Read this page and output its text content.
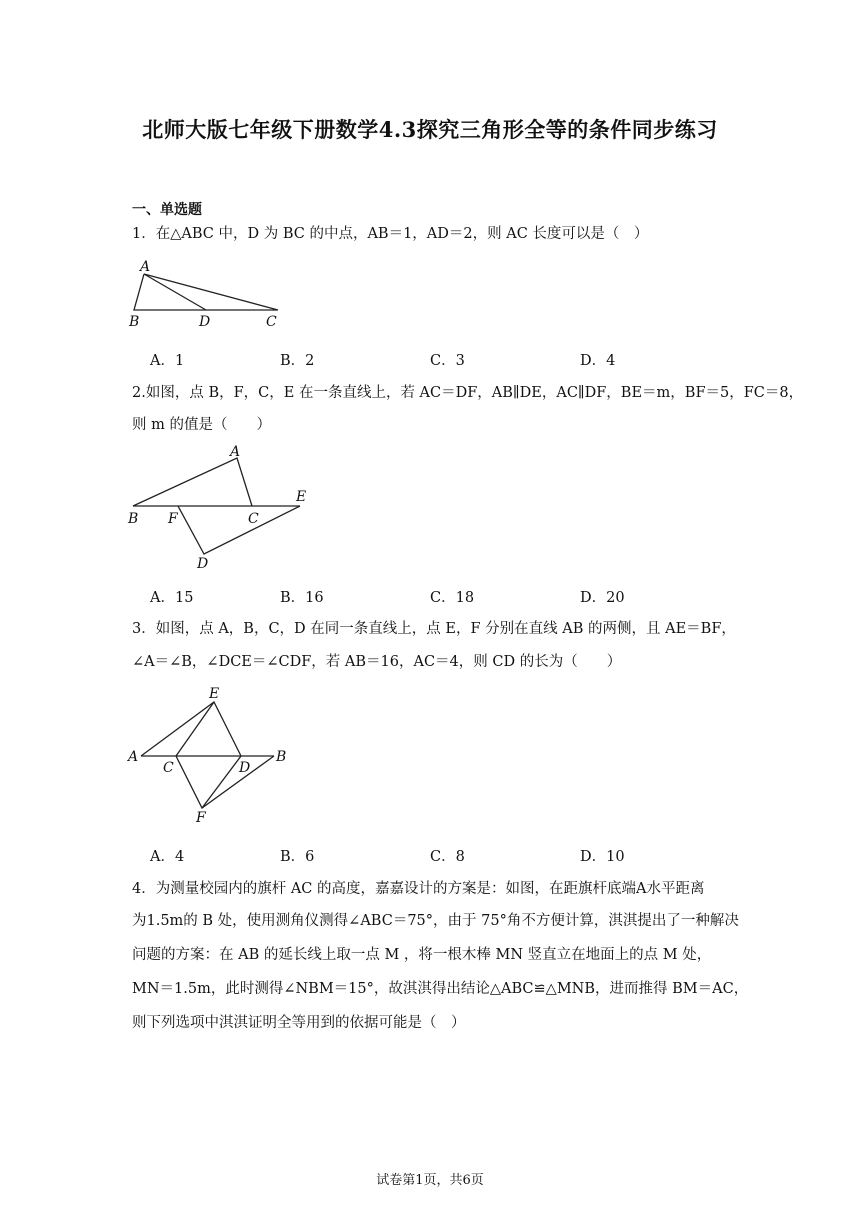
北师大版七年级下册数学4.3探究三角形全等的条件同步练习
一、单选题
1．在△ABC 中，D 为 BC 的中点，AB＝1，AD＝2，则 AC 长度可以是（　）
A
B	D	C
A．1	B．2	C．3	D．4
2.如图，点 B，F，C，E 在一条直线上，若 AC＝DF，AB∥DE，AC∥DF，BE＝m，BF＝5，FC＝8，
则 m 的值是（　　）
A
E
B F	C
D
A．15	B．16	C．18	D．20
3．如图，点 A，B，C，D 在同一条直线上，点 E，F 分别在直线 AB 的两侧，且 AE＝BF，
∠A＝∠B，∠DCE＝∠CDF，若 AB＝16，AC＝4，则 CD 的长为（　　）
E
A
C	D
B
F
A．4	B．6	C．8	D．10
4．为测量校园内的旗杆 AC 的高度，嘉嘉设计的方案是：如图，在距旗杆底端A水平距离
为1.5m的 B 处，使用测角仪测得∠ABC＝75°，由于 75°角不方便计算，淇淇提出了一种解决
问题的方案：在 AB 的延长线上取一点 M ，将一根木棒 MN 竖直立在地面上的点 M 处，
MN＝1.5m，此时测得∠NBM＝15°，故淇淇得出结论△ABC≌△MNB，进而推得 BM＝AC，
则下列选项中淇淇证明全等用到的依据可能是（　）
试卷第1页，共6页
